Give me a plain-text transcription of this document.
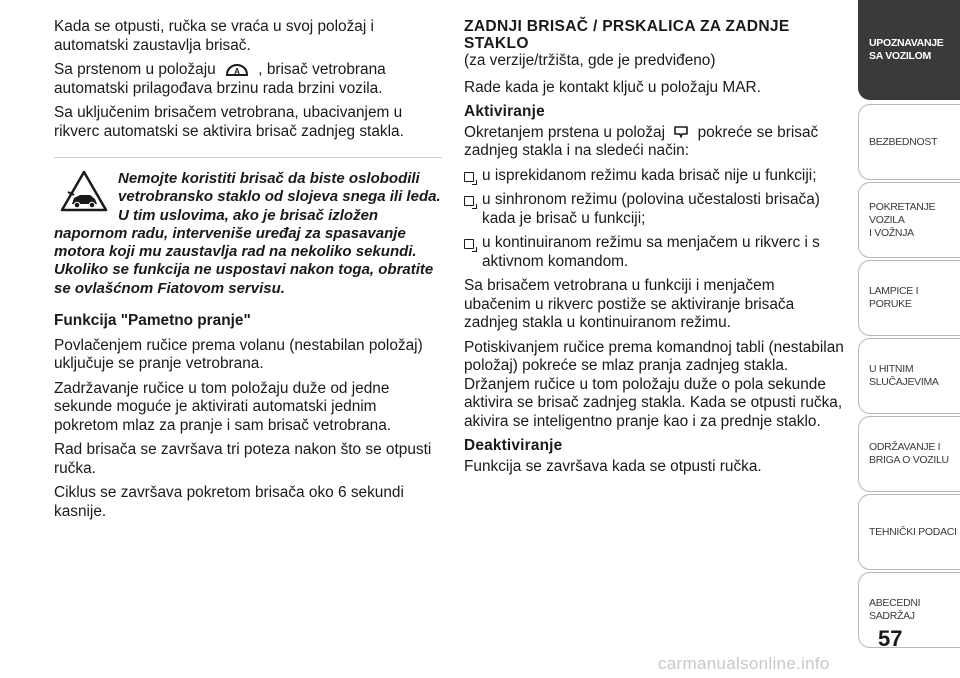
Kada se otpusti, ručka se vraća u svoj položaj i automatski zaustavlja brisač.

Sa prstenom u položaju A , brisač vetrobrana automatski prilagođava brzinu rada brzini vozila.

Sa uključenim brisačem vetrobrana, ubacivanjem u rikverc automatski se aktivira brisač zadnjeg stakla.

Nemojte koristiti brisač da biste oslobodili vetrobransko staklo od slojeva snega ili leda. U tim uslovima, ako je brisač izložen napornom radu, interveniše uređaj za spasavanje motora koji mu zaustavlja rad na nekoliko sekundi. Ukoliko se funkcija ne uspostavi nakon toga, obratite se ovlašćnom Fiatovom servisu.

Funkcija "Pametno pranje"

Povlačenjem ručice prema volanu (nestabilan položaj) uključuje se pranje vetrobrana.

Zadržavanje ručice u tom položaju duže od jedne sekunde moguće je aktivirati automatski jednim pokretom mlaz za pranje i sam brisač vetrobrana.

Rad brisača se završava tri poteza nakon što se otpusti ručka.

Ciklus se završava pokretom brisača oko 6 sekundi kasnije.

ZADNJI BRISAČ / PRSKALICA ZA ZADNJE STAKLO

(za verzije/tržišta, gde je predviđeno)

Rade kada je kontakt ključ u položaju MAR.

Aktiviranje

Okretanjem prstena u položaj pokreće se brisač zadnjeg stakla i na sledeći način:

u isprekidanom režimu kada brisač nije u funkciji;
u sinhronom režimu (polovina učestalosti brisača) kada je brisač u funkciji;
u kontinuiranom režimu sa menjačem u rikverc i s aktivnom komandom.

Sa brisačem vetrobrana u funkciji i menjačem ubačenim u rikverc postiže se aktiviranje brisača zadnjeg stakla u kontinuiranom režimu.

Potiskivanjem ručice prema komandnoj tabli (nestabilan položaj) pokreće se mlaz pranja zadnjeg stakla. Držanjem ručice u tom položaju duže o pola sekunde aktivira se brisač zadnjeg stakla. Kada se otpusti ručka, akivira se inteligentno pranje kao i za prednje staklo.

Deaktiviranje

Funkcija se završava kada se otpusti ručka.

UPOZNAVANJE
SA VOZILOM
BEZBEDNOST
POKRETANJE VOZILA
I VOŽNJA
LAMPICE I PORUKE
U HITNIM
SLUČAJEVIMA
ODRŽAVANJE I
BRIGA O VOZILU
TEHNIČKI PODACI
ABECEDNI SADRŽAJ
57
carmanualsonline.info
